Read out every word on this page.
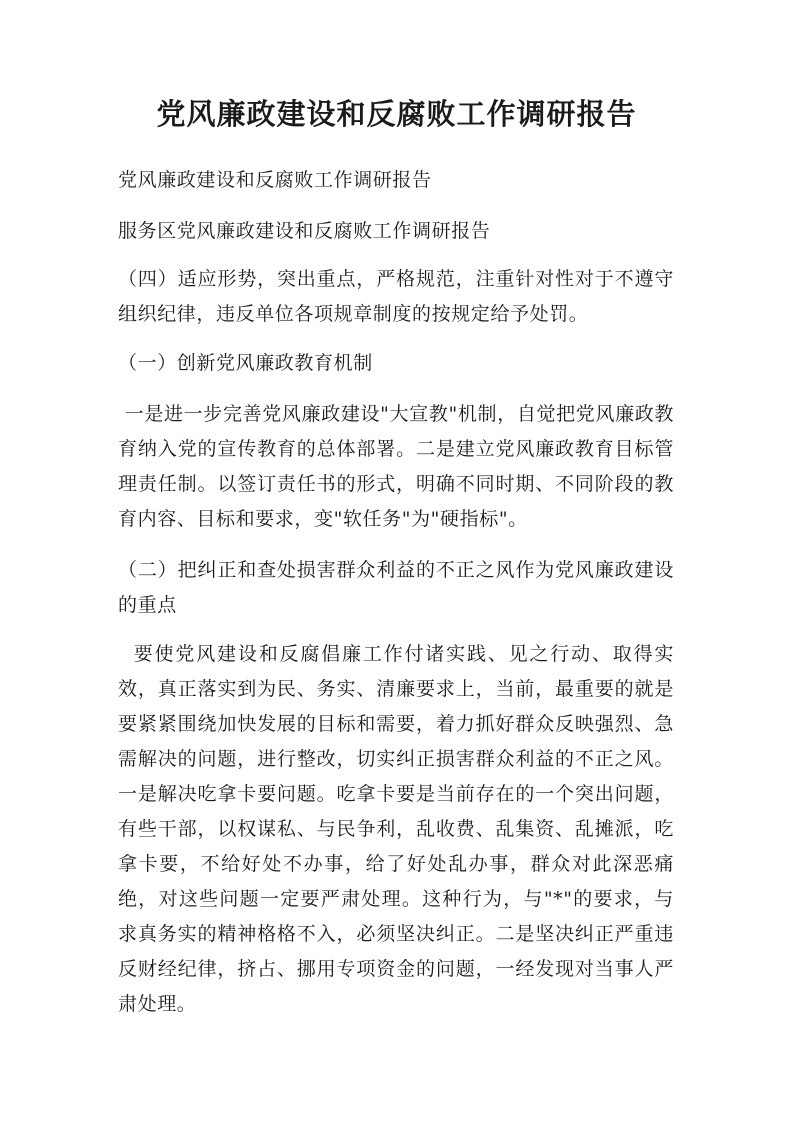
党风廉政建设和反腐败工作调研报告

党风廉政建设和反腐败工作调研报告

服务区党风廉政建设和反腐败工作调研报告

（四）适应形势，突出重点，严格规范，注重针对性对于不遵守组织纪律，违反单位各项规章制度的按规定给予处罚。

（一）创新党风廉政教育机制

一是进一步完善党风廉政建设"大宣教"机制，自觉把党风廉政教育纳入党的宣传教育的总体部署。二是建立党风廉政教育目标管理责任制。以签订责任书的形式，明确不同时期、不同阶段的教育内容、目标和要求，变"软任务"为"硬指标"。

（二）把纠正和查处损害群众利益的不正之风作为党风廉政建设的重点

要使党风建设和反腐倡廉工作付诸实践、见之行动、取得实效，真正落实到为民、务实、清廉要求上，当前，最重要的就是要紧紧围绕加快发展的目标和需要，着力抓好群众反映强烈、急需解决的问题，进行整改，切实纠正损害群众利益的不正之风。一是解决吃拿卡要问题。吃拿卡要是当前存在的一个突出问题，有些干部，以权谋私、与民争利，乱收费、乱集资、乱摊派，吃拿卡要，不给好处不办事，给了好处乱办事，群众对此深恶痛绝，对这些问题一定要严肃处理。这种行为，与"*"的要求，与求真务实的精神格格不入，必须坚决纠正。二是坚决纠正严重违反财经纪律，挤占、挪用专项资金的问题，一经发现对当事人严肃处理。
